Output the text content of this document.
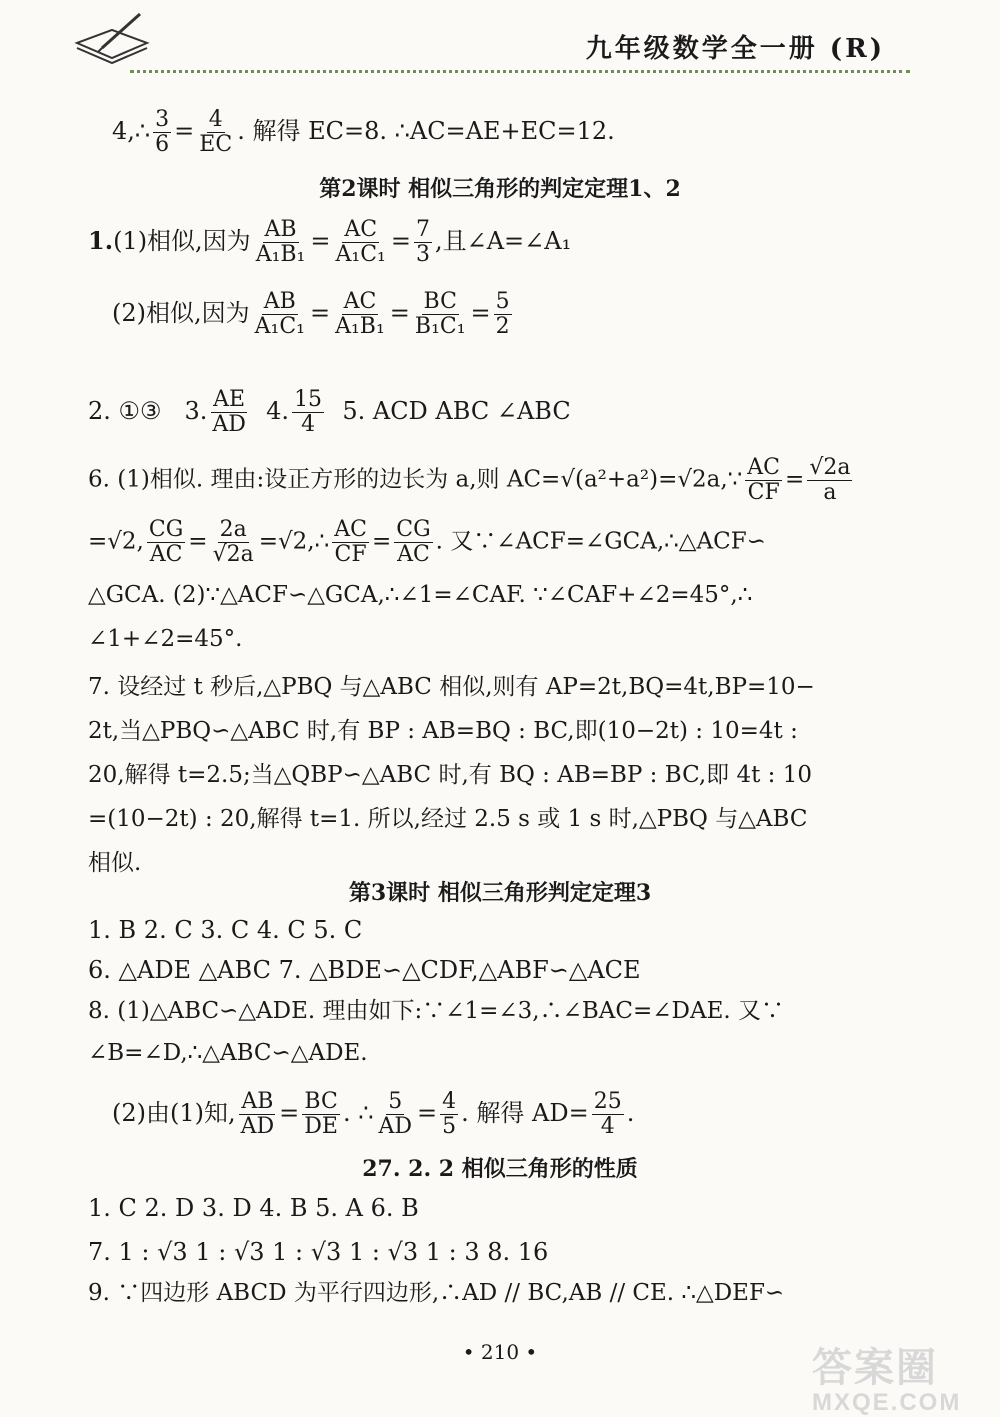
九年级数学全一册 (R)
4,∴ $\frac{3}{6} = \frac{4}{EC}$ . 解得 EC=8. ∴AC=AE+EC=12.
第2课时 相似三角形的判定定理1、2
1.(1)相似,因为 $\frac{AB}{\text{A₁B₁}} = \frac{AC}{\text{A₁C₁}} = \frac{7}{3}$ ,且∠A=∠A₁
(2)相似,因为 $\frac{AB}{\text{A₁C₁}} = \frac{AC}{\text{A₁B₁}} = \frac{BC}{\text{B₁C₁}} = \frac{5}{2}$
2. ①③ 3. $\frac{AE}{AD} 4$. $\frac{15}{4} 5$. ACD ABC ∠ABC
6. (1)相似. 理由:设正方形的边长为 a,则 AC=√(a²+a²)=√2a,∵ $\frac{AC}{CF} = \frac{√2a}{a}$
=√2, $\frac{CG}{AC} = \frac{2a}{√2a}$ =√2,∴ $\frac{AC}{CF} = \frac{CG}{AC}$ . 又∵∠ACF=∠GCA,∴△ACF∽
△GCA. (2)∵△ACF∽△GCA,∴∠1=∠CAF. ∵∠CAF+∠2=45°,∴
∠1+∠2=45°.
7. 设经过 t 秒后,△PBQ 与△ABC 相似,则有 AP=2t,BQ=4t,BP=10−
2t,当△PBQ∽△ABC 时,有 BP : AB=BQ : BC,即(10−2t) : 10=4t :
20,解得 t=2.5;当△QBP∽△ABC 时,有 BQ : AB=BP : BC,即 4t : 10
=(10−2t) : 20,解得 t=1. 所以,经过 2.5 s 或 1 s 时,△PBQ 与△ABC
相似.
第3课时 相似三角形判定定理3
1. B 2. C 3. C 4. C 5. C
6. △ADE △ABC 7. △BDE∽△CDF,△ABF∽△ACE
8. (1)△ABC∽△ADE. 理由如下:∵∠1=∠3,∴∠BAC=∠DAE. 又∵
∠B=∠D,∴△ABC∽△ADE.
(2)由(1)知, $\frac{AB}{AD} = \frac{BC}{DE}$ . ∴ $\frac{5}{AD} = \frac{4}{5}$ . 解得 $AD= \frac{25}{4}$ .
27. 2. 2 相似三角形的性质
1. C 2. D 3. D 4. B 5. A 6. B
7. 1 : √3 1 : √3 1 : √3 1 : √3 1 : 3 8. 16
9. ∵四边形 ABCD 为平行四边形,∴AD // BC,AB // CE. ∴△DEF∽
• 210 •	答案圈
MXQE.COM
